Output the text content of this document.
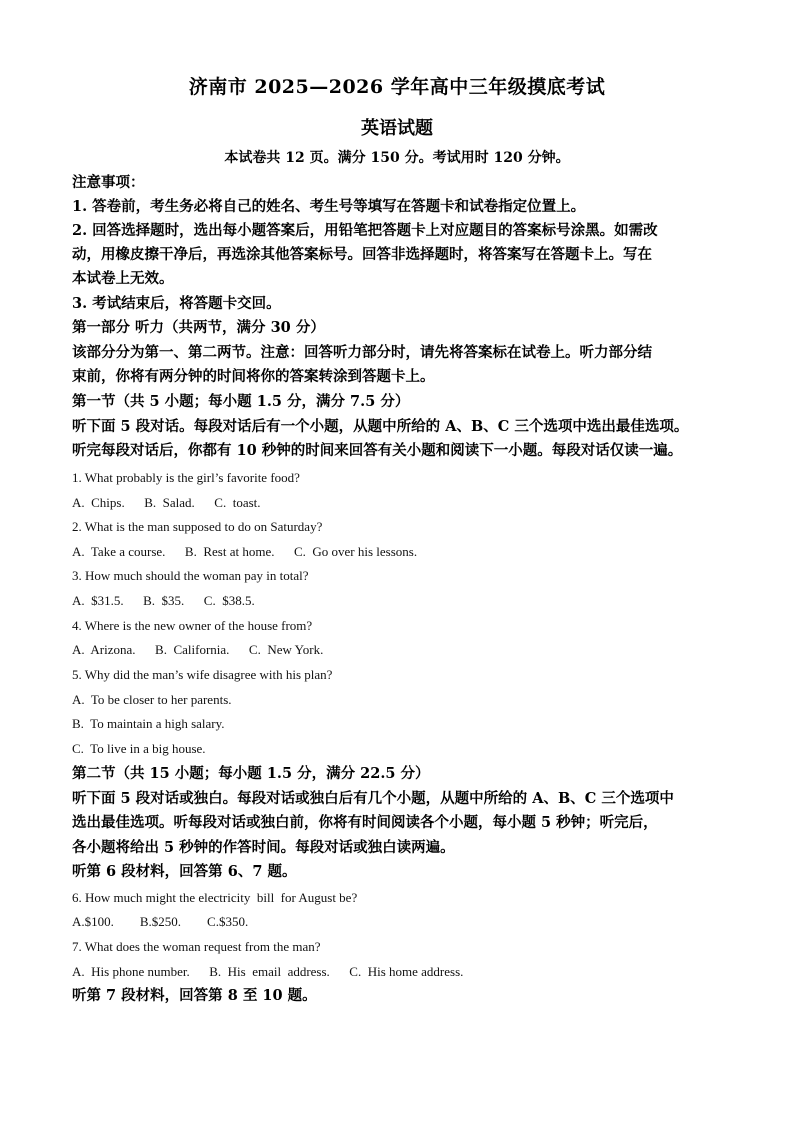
济南市 2025—2026 学年高中三年级摸底考试
英语试题
本试卷共 12 页。满分 150 分。考试用时 120 分钟。
注意事项：
1. 答卷前，考生务必将自己的姓名、考生号等填写在答题卡和试卷指定位置上。
2. 回答选择题时，选出每小题答案后，用铅笔把答题卡上对应题目的答案标号涂黑。如需改
动，用橡皮擦干净后，再选涂其他答案标号。回答非选择题时，将答案写在答题卡上。写在
本试卷上无效。
3. 考试结束后，将答题卡交回。
第一部分 听力（共两节，满分 30 分）
该部分分为第一、第二两节。注意：回答听力部分时，请先将答案标在试卷上。听力部分结
束前，你将有两分钟的时间将你的答案转涂到答题卡上。
第一节（共 5 小题；每小题 1.5 分，满分 7.5 分）
听下面 5 段对话。每段对话后有一个小题，从题中所给的 A、B、C 三个选项中选出最佳选项。
听完每段对话后，你都有 10 秒钟的时间来回答有关小题和阅读下一小题。每段对话仅读一遍。
1. What probably is the girl’s favorite food?
A.  Chips.      B.  Salad.      C.  toast.
2. What is the man supposed to do on Saturday?
A.  Take a course.      B.  Rest at home.      C.  Go over his lessons.
3. How much should the woman pay in total?
A.  $31.5.      B.  $35.      C.  $38.5.
4. Where is the new owner of the house from?
A.  Arizona.      B.  California.      C.  New York.
5. Why did the man’s wife disagree with his plan?
A.  To be closer to her parents.
B.  To maintain a high salary.
C.  To live in a big house.
第二节（共 15 小题；每小题 1.5 分，满分 22.5 分）
听下面 5 段对话或独白。每段对话或独白后有几个小题，从题中所给的 A、B、C 三个选项中
选出最佳选项。听每段对话或独白前，你将有时间阅读各个小题，每小题 5 秒钟；听完后，
各小题将给出 5 秒钟的作答时间。每段对话或独白读两遍。
听第 6 段材料，回答第 6、7 题。
6. How much might the electricity  bill  for August be?
A.$100.        B.$250.        C.$350.
7. What does the woman request from the man?
A.  His phone number.      B.  His  email  address.      C.  His home address.
听第 7 段材料，回答第 8 至 10 题。
